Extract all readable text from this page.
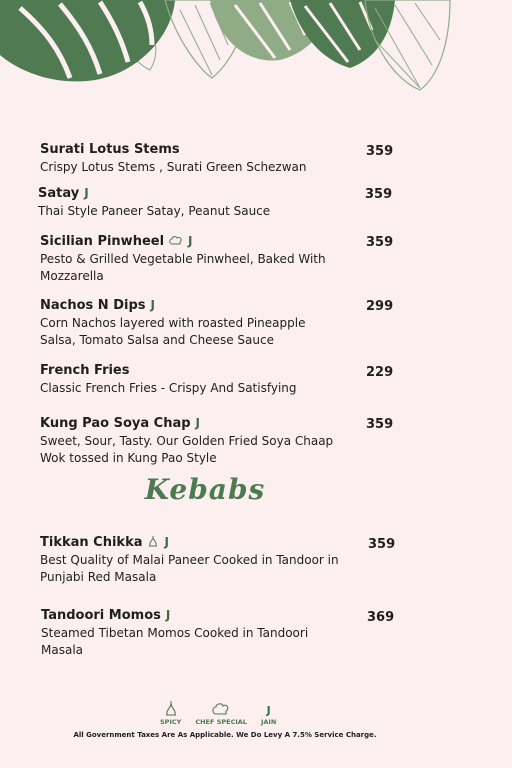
Surati Lotus Stems
Crispy Lotus Stems , Surati Green Schezwan
359
Satay J
Thai Style Paneer Satay, Peanut Sauce
359
Sicilian Pinwheel J
Pesto & Grilled Vegetable Pinwheel, Baked With Mozzarella
359
Nachos N Dips J
Corn Nachos layered with roasted Pineapple Salsa, Tomato Salsa and Cheese Sauce
299
French Fries
Classic French Fries - Crispy And Satisfying
229
Kung Pao Soya Chap J
Sweet, Sour, Tasty. Our Golden Fried Soya Chaap Wok tossed in Kung Pao Style
359
Kebabs
Tikkan Chikka J
Best Quality of Malai Paneer Cooked in Tandoor in Punjabi Red Masala
359
Tandoori Momos J
Steamed Tibetan Momos Cooked in Tandoori Masala
369
SPICY CHEF SPECIAL
J
JAIN
All Government Taxes Are As Applicable. We Do Levy A 7.5% Service Charge.
